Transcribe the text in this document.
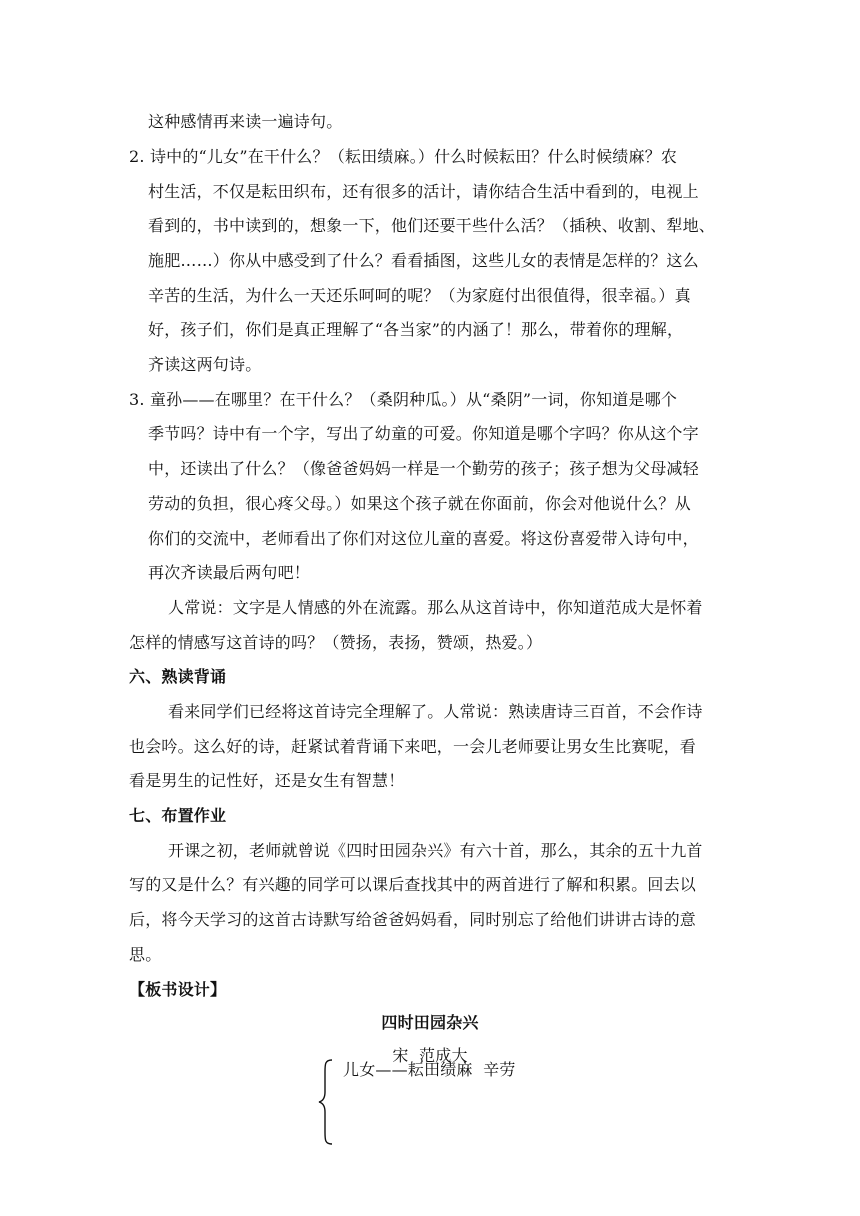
这种感情再来读一遍诗句。
2. 诗中的“儿女”在干什么？（耘田绩麻。）什么时候耘田？什么时候绩麻？农
村生活，不仅是耘田织布，还有很多的活计，请你结合生活中看到的，电视上
看到的，书中读到的，想象一下，他们还要干些什么活？（插秧、收割、犁地、
施肥……）你从中感受到了什么？看看插图，这些儿女的表情是怎样的？这么
辛苦的生活，为什么一天还乐呵呵的呢？（为家庭付出很值得，很幸福。）真
好，孩子们，你们是真正理解了“各当家”的内涵了！那么，带着你的理解，
齐读这两句诗。
3. 童孙——在哪里？在干什么？（桑阴种瓜。）从“桑阴”一词，你知道是哪个
季节吗？诗中有一个字，写出了幼童的可爱。你知道是哪个字吗？你从这个字
中，还读出了什么？（像爸爸妈妈一样是一个勤劳的孩子；孩子想为父母减轻
劳动的负担，很心疼父母。）如果这个孩子就在你面前，你会对他说什么？从
你们的交流中，老师看出了你们对这位儿童的喜爱。将这份喜爱带入诗句中，
再次齐读最后两句吧！
人常说：文字是人情感的外在流露。那么从这首诗中，你知道范成大是怀着
怎样的情感写这首诗的吗？（赞扬，表扬，赞颂，热爱。）
六、熟读背诵
看来同学们已经将这首诗完全理解了。人常说：熟读唐诗三百首，不会作诗
也会吟。这么好的诗，赶紧试着背诵下来吧，一会儿老师要让男女生比赛呢，看
看是男生的记性好，还是女生有智慧！
七、布置作业
开课之初，老师就曾说《四时田园杂兴》有六十首，那么，其余的五十九首
写的又是什么？有兴趣的同学可以课后查找其中的两首进行了解和积累。回去以
后，将今天学习的这首古诗默写给爸爸妈妈看，同时别忘了给他们讲讲古诗的意
思。
【板书设计】
四时田园杂兴
宋  范成大
儿女——耘田绩麻  辛劳
